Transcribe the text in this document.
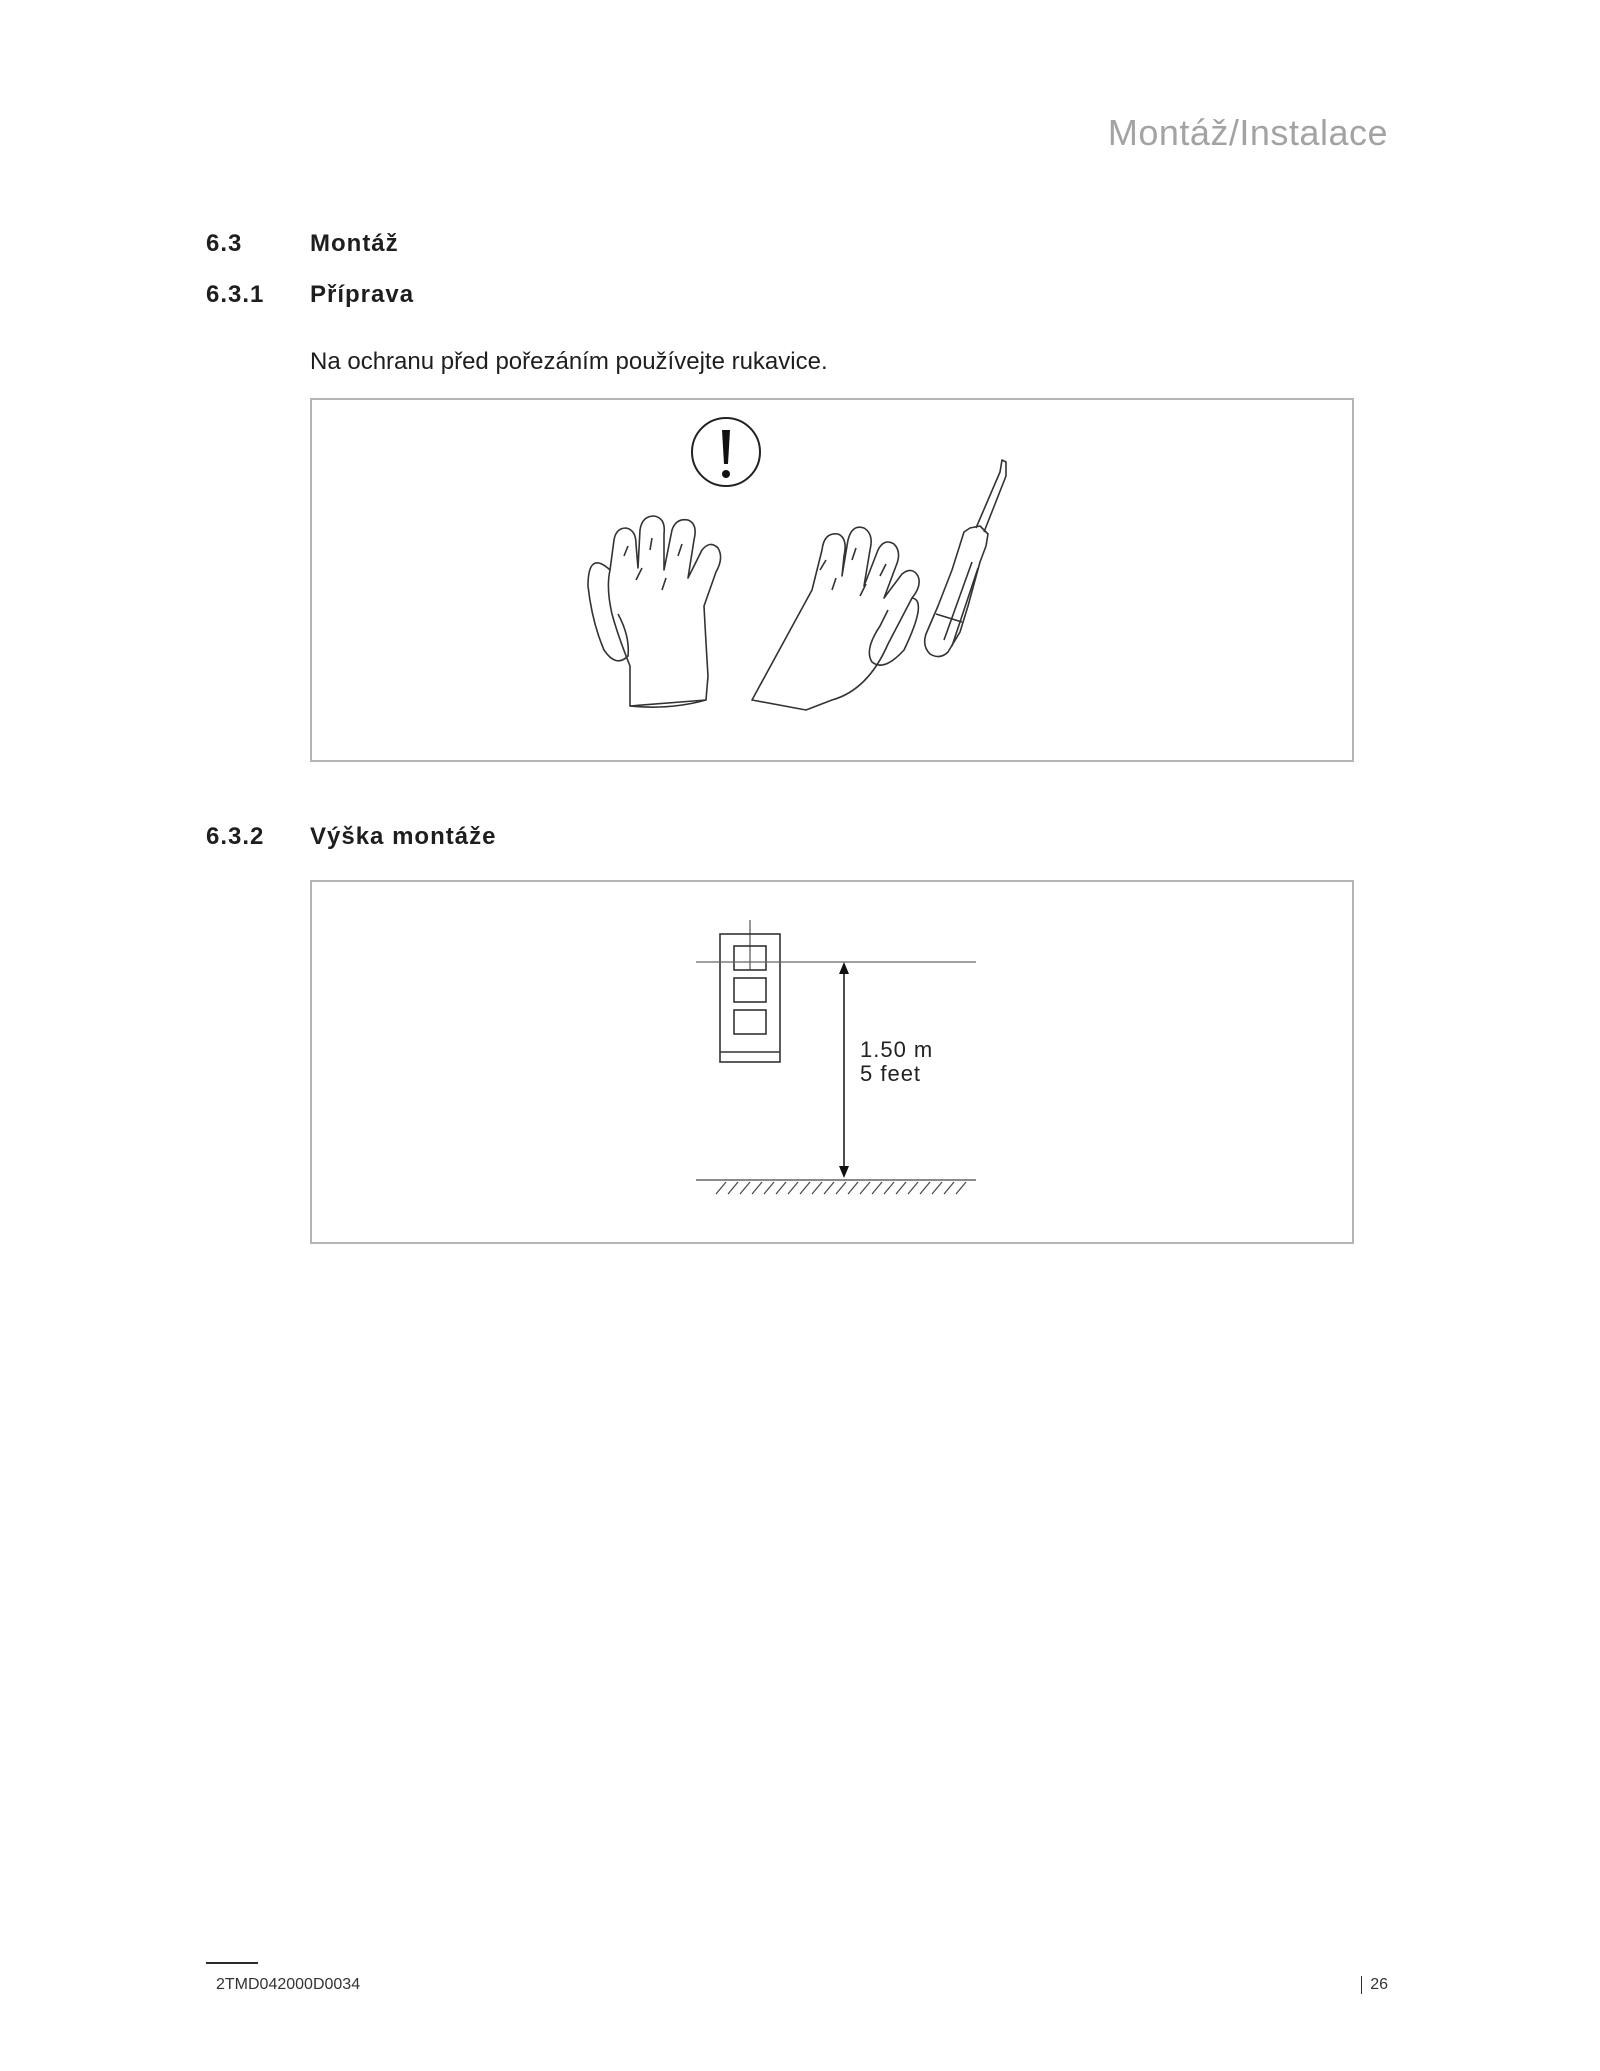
Montáž/Instalace
6.3	Montáž
6.3.1 Příprava
Na ochranu před pořezáním používejte rukavice.
6.3.2 Výška montáže
1.50 m
5 feet
2TMD042000D0034	26
